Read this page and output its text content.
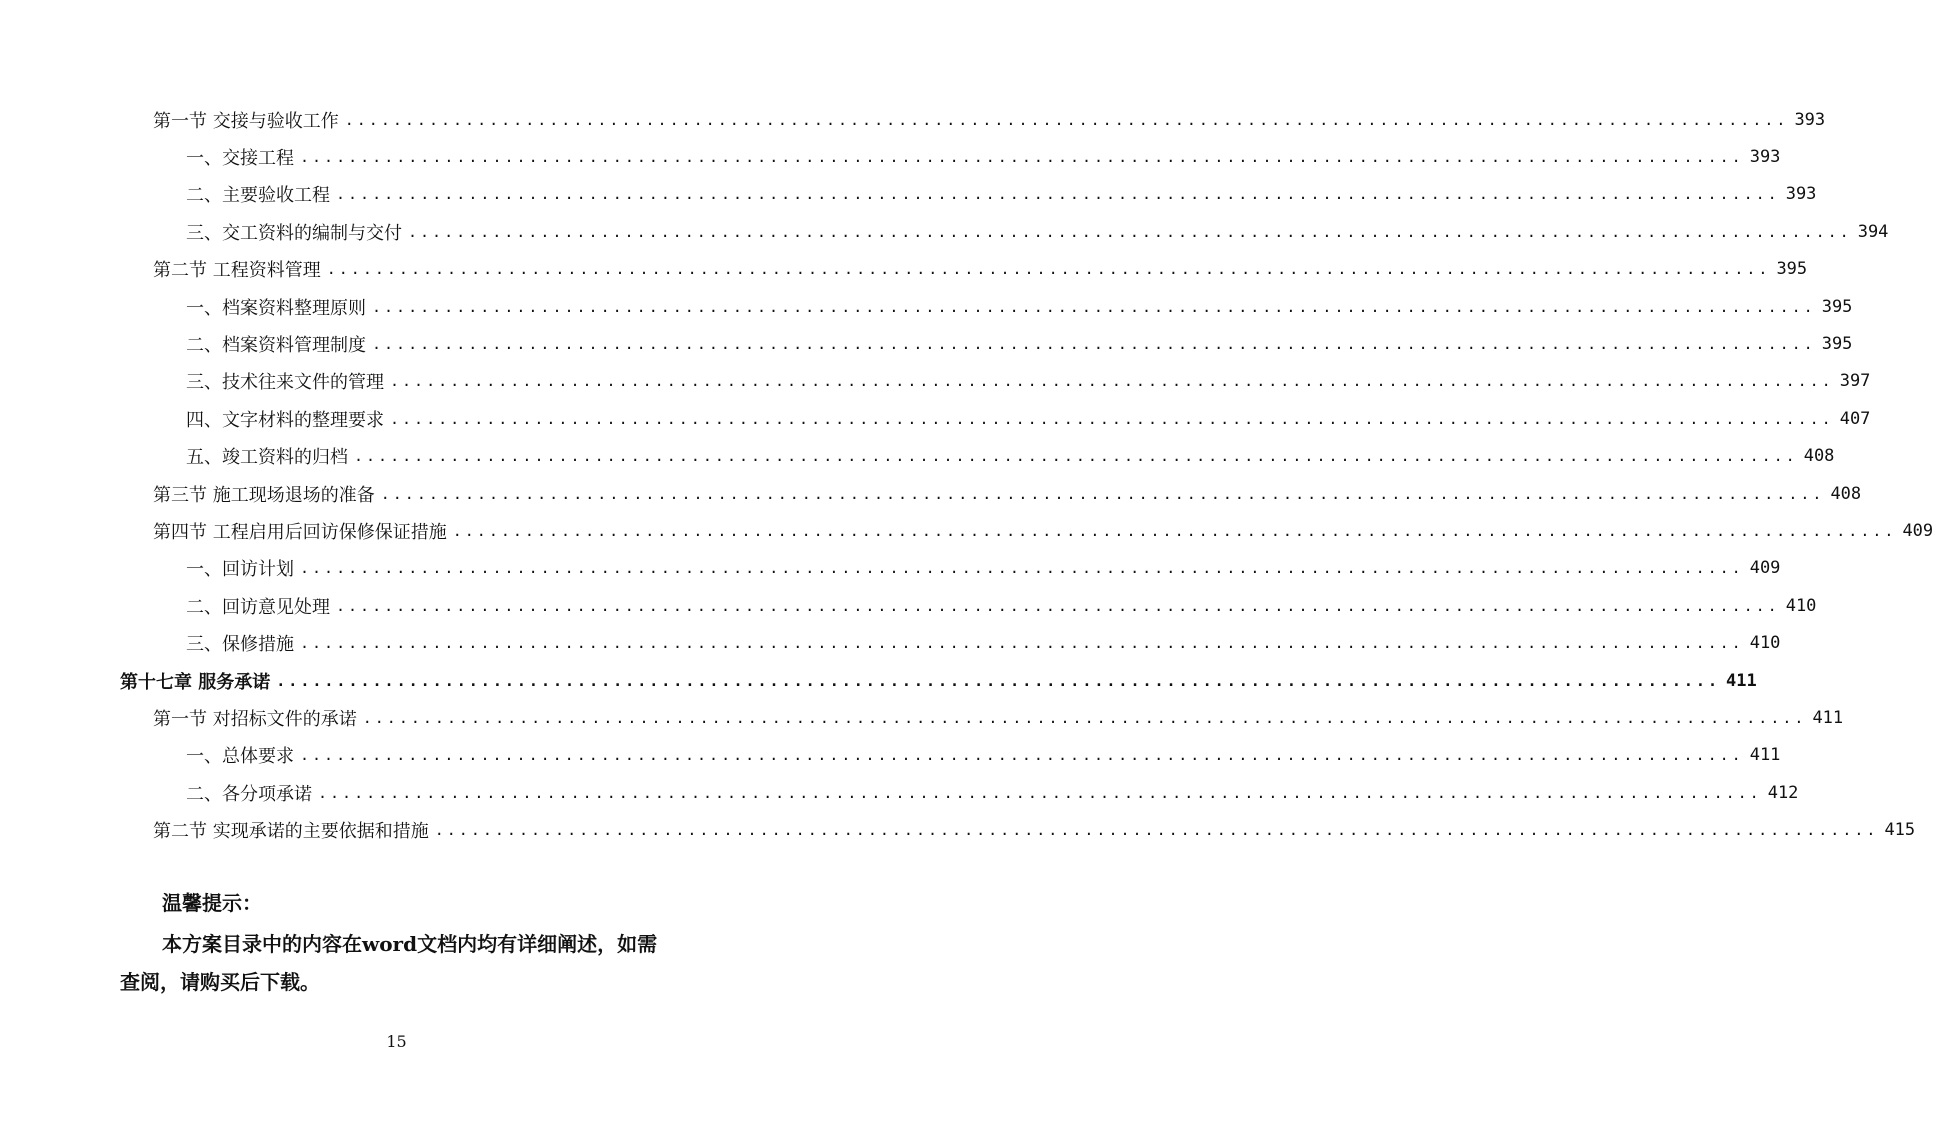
第一节 交接与验收工作 ........................................................................................................................ 393
一、交接工程 ........................................................................................................................ 393
二、主要验收工程 ........................................................................................................................ 393
三、交工资料的编制与交付 ........................................................................................................................ 394
第二节 工程资料管理 ........................................................................................................................ 395
一、档案资料整理原则 ........................................................................................................................ 395
二、档案资料管理制度 ........................................................................................................................ 395
三、技术往来文件的管理 ........................................................................................................................ 397
四、文字材料的整理要求 ........................................................................................................................ 407
五、竣工资料的归档 ........................................................................................................................ 408
第三节 施工现场退场的准备 ........................................................................................................................ 408
第四节 工程启用后回访保修保证措施 ........................................................................................................................ 409
一、回访计划 ........................................................................................................................ 409
二、回访意见处理 ........................................................................................................................ 410
三、保修措施 ........................................................................................................................ 410
第十七章 服务承诺 ........................................................................................................................ 411
第一节 对招标文件的承诺 ........................................................................................................................ 411
一、总体要求 ........................................................................................................................ 411
二、各分项承诺 ........................................................................................................................ 412
第二节 实现承诺的主要依据和措施 ........................................................................................................................ 415
温馨提示：
本方案目录中的内容在word文档内均有详细阐述，如需查阅，请购买后下载。
15
